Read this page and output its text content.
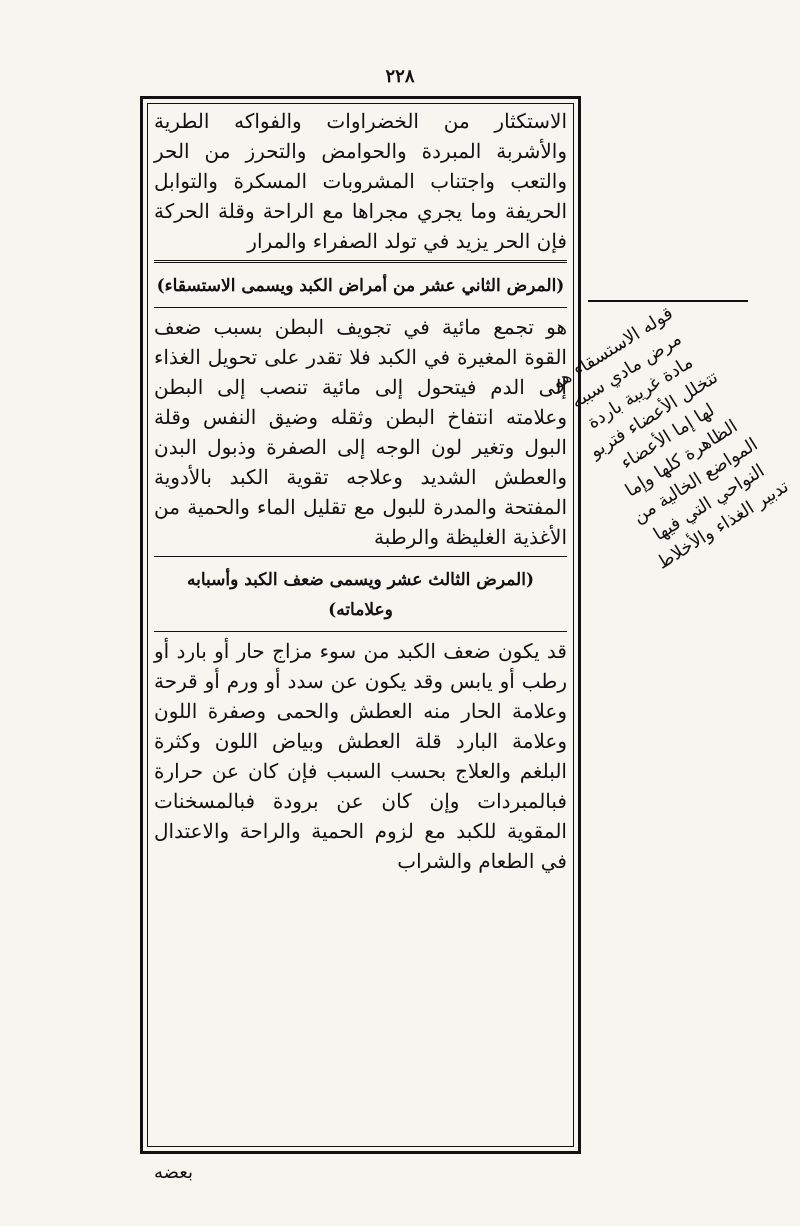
٢٢٨

الاستكثار من الخضراوات والفواكه الطرية والأشربة المبردة والحوامض والتحرز من الحر والتعب واجتناب المشروبات المسكرة والتوابل الحريفة وما يجري مجراها مع الراحة وقلة الحركة فإن الحر يزيد في تولد الصفراء والمرار

(المرض الثاني عشر من أمراض الكبد ويسمى الاستسقاء)

هو تجمع مائية في تجويف البطن بسبب ضعف القوة المغيرة في الكبد فلا تقدر على تحويل الغذاء إلى الدم فيتحول إلى مائية تنصب إلى البطن وعلامته انتفاخ البطن وثقله وضيق النفس وقلة البول وتغير لون الوجه إلى الصفرة وذبول البدن والعطش الشديد وعلاجه تقوية الكبد بالأدوية المفتحة والمدرة للبول مع تقليل الماء والحمية من الأغذية الغليظة والرطبة

(المرض الثالث عشر ويسمى ضعف الكبد وأسبابه وعلاماته)

قد يكون ضعف الكبد من سوء مزاج حار أو بارد أو رطب أو يابس وقد يكون عن سدد أو ورم أو قرحة وعلامة الحار منه العطش والحمى وصفرة اللون وعلامة البارد قلة العطش وبياض اللون وكثرة البلغم والعلاج بحسب السبب فإن كان عن حرارة فبالمبردات وإن كان عن برودة فبالمسخنات المقوية للكبد مع لزوم الحمية والراحة والاعتدال في الطعام والشراب

قوله الاستسقاء هو مرض مادي سببه مادة غريبة باردة تتخلل الأعضاء فتربو لها إما الأعضاء الظاهرة كلها وإما المواضع الخالية من النواحي التي فيها تدبير الغذاء والأخلاط
بعضه
